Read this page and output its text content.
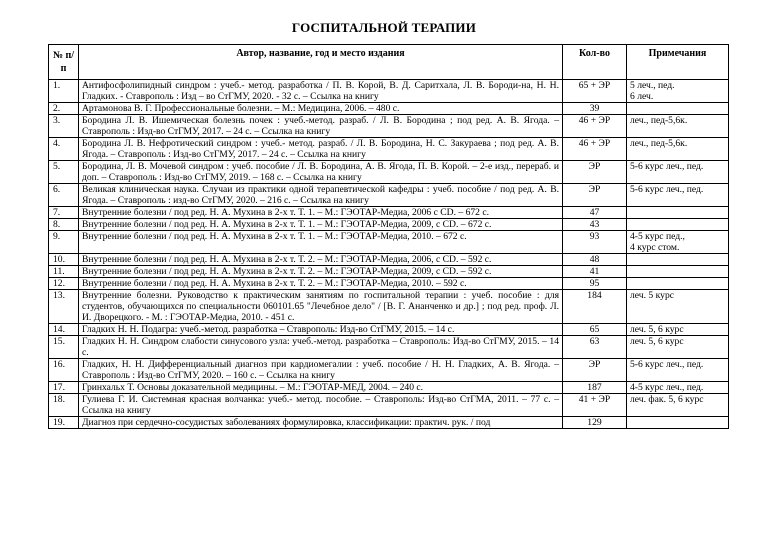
ГОСПИТАЛЬНОЙ ТЕРАПИИ
№ п/п	Автор, название, год и место издания	Кол-во	Примечания
1.	Антифосфолипидный синдром : учеб.- метод. разработка / П. В. Корой, В. Д. Саритхала, Л. В. Бороди-на, Н. Н. Гладких. - Ставрополь : Изд – во СтГМУ, 2020. - 32 с. – Ссылка на книгу	65 + ЭР	5 леч., пед.
6 леч.

2.	Артамонова В. Г. Профессиональные болезни. – М.: Медицина, 2006. – 480 с.	39	
3.	Бородина Л. В. Ишемическая болезнь почек : учеб.-метод. разраб. / Л. В. Бородина ; под ред. А. В. Ягода. – Ставрополь : Изд-во СтГМУ, 2017. – 24 с. – Ссылка на книгу	46 + ЭР	леч., пед-5,6к.

4.	Бородина Л. В. Нефротический синдром : учеб.- метод. разраб. / Л. В. Бородина, Н. С. Закураева ; под ред. А. В. Ягода. – Ставрополь : Изд-во СтГМУ, 2017. – 24 с. – Ссылка на книгу	46 + ЭР	леч., пед-5,6к.

5.	Бородина, Л. В. Мочевой синдром : учеб. пособие / Л. В. Бородина, А. В. Ягода, П. В. Корой. – 2-е изд., перераб. и доп. – Ставрополь : Изд-во СтГМУ, 2019. – 168 с. – Ссылка на книгу	ЭР	5-6 курс леч., пед.

6.	Великая клиническая наука. Случаи из практики одной терапевтической кафедры : учеб. пособие / под ред. А. В. Ягода. – Ставрополь : изд-во СтГМУ, 2020. – 216 с. – Ссылка на книгу	ЭР	5-6 курс леч., пед.

7.	Внутренние болезни / под ред. Н. А. Мухина в 2-х т. Т. 1. – М.: ГЭОТАР-Медиа, 2006 с CD. – 672 с.	47	
8.	Внутренние болезни / под ред. Н. А. Мухина в 2-х т. Т. 1. – М.: ГЭОТАР-Медиа, 2009, с CD. – 672 с.	43	
9.	Внутренние болезни / под ред. Н. А. Мухина в 2-х т. Т. 1. – М.: ГЭОТАР-Медиа, 2010. – 672 с.	93	4-5 курс пед.,
4 курс стом.

10.	Внутренние болезни / под ред. Н. А. Мухина в 2-х т. Т. 2. – М.: ГЭОТАР-Медиа, 2006, с CD. – 592 с.	48	
11.	Внутренние болезни / под ред. Н. А. Мухина в 2-х т. Т. 2. – М.: ГЭОТАР-Медиа, 2009, с CD. – 592 с.	41	
12.	Внутренние болезни / под ред. Н. А. Мухина в 2-х т. Т. 2. – М.: ГЭОТАР-Медиа, 2010. – 592 с.	95	
13.	Внутренние болезни. Руководство к практическим занятиям по госпитальной терапии : учеб. пособие : для студентов, обучающихся по специальности 060101.65 "Лечебное дело" / [В. Г. Ананченко и др.] ; под ред. проф. Л. И. Дворецкого. - М. : ГЭОТАР-Медиа, 2010. - 451 с.	184	леч. 5 курс

14.	Гладких Н. Н. Подагра: учеб.-метод. разработка – Ставрополь: Изд-во СтГМУ, 2015. – 14 с.	65	леч. 5, 6 курс

15.	Гладких Н. Н. Синдром слабости синусового узла: учеб.-метод. разработка – Ставрополь: Изд-во СтГМУ, 2015. – 14 с.	63	леч. 5, 6 курс

16.	Гладких, Н. Н. Дифференциальный диагноз при кардиомегалии : учеб. пособие / Н. Н. Гладких, А. В. Ягода. – Ставрополь : Изд-во СтГМУ, 2020. – 160 с. – Ссылка на книгу	ЭР	5-6 курс леч., пед.

17.	Гринхальх Т. Основы доказательной медицины. – М.: ГЭОТАР-МЕД, 2004. – 240 с.	187	4-5 курс леч., пед.

18.	Гулиева Г. И. Системная красная волчанка: учеб.- метод. пособие. – Ставрополь: Изд-во СтГМА, 2011. – 77 с. – Ссылка на книгу	41 + ЭР	леч. фак. 5, 6 курс

19.	Диагноз при сердечно-сосудистых заболеваниях формулировка, классификации: практич. рук. / под	129	
